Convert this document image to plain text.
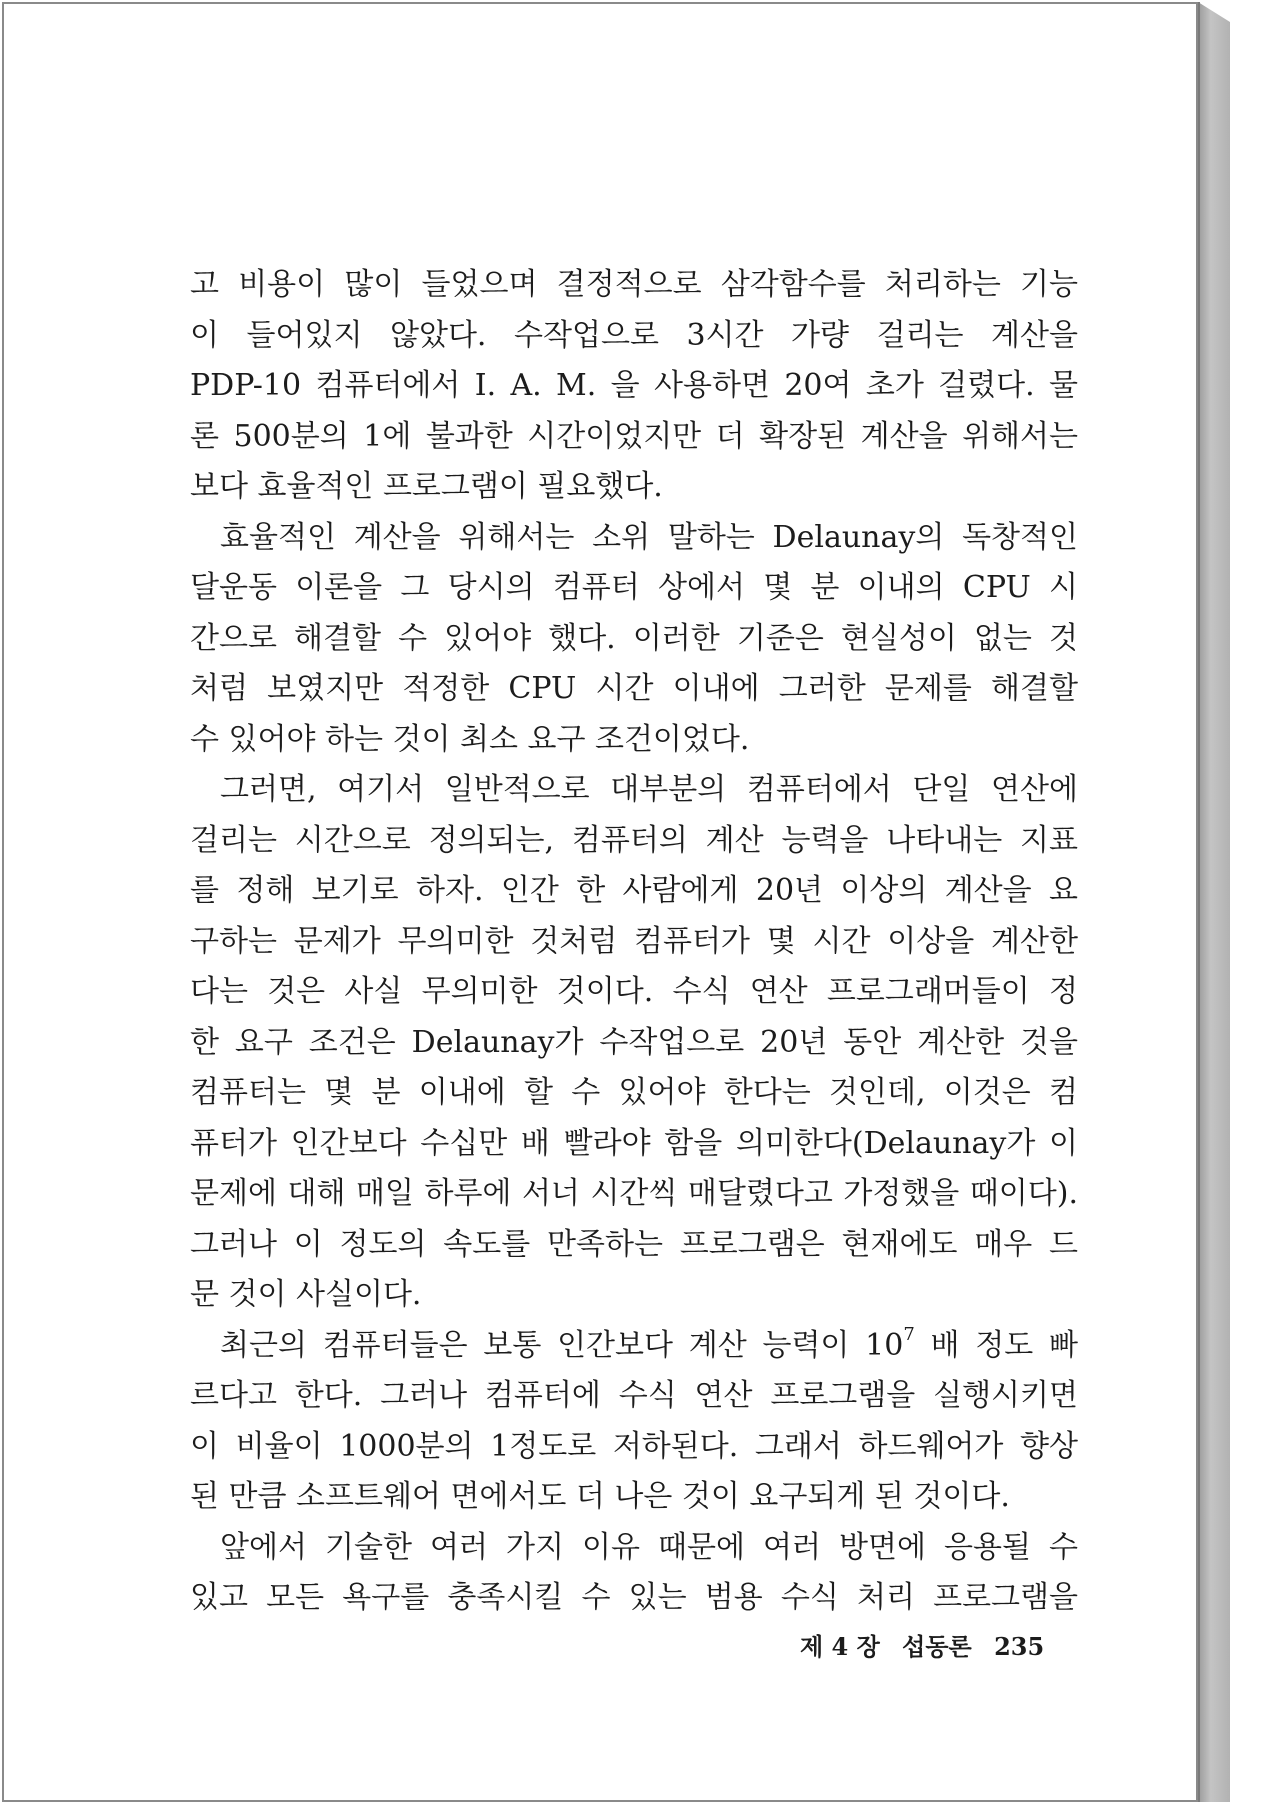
고 비용이 많이 들었으며 결정적으로 삼각함수를 처리하는 기능
이 들어있지 않았다. 수작업으로 3시간 가량 걸리는 계산을
PDP-10 컴퓨터에서 I. A. M. 을 사용하면 20여 초가 걸렸다. 물
론 500분의 1에 불과한 시간이었지만 더 확장된 계산을 위해서는
보다 효율적인 프로그램이 필요했다.
효율적인 계산을 위해서는 소위 말하는 Delaunay의 독창적인
달운동 이론을 그 당시의 컴퓨터 상에서 몇 분 이내의 CPU 시
간으로 해결할 수 있어야 했다. 이러한 기준은 현실성이 없는 것
처럼 보였지만 적정한 CPU 시간 이내에 그러한 문제를 해결할
수 있어야 하는 것이 최소 요구 조건이었다.
그러면, 여기서 일반적으로 대부분의 컴퓨터에서 단일 연산에
걸리는 시간으로 정의되는, 컴퓨터의 계산 능력을 나타내는 지표
를 정해 보기로 하자. 인간 한 사람에게 20년 이상의 계산을 요
구하는 문제가 무의미한 것처럼 컴퓨터가 몇 시간 이상을 계산한
다는 것은 사실 무의미한 것이다. 수식 연산 프로그래머들이 정
한 요구 조건은 Delaunay가 수작업으로 20년 동안 계산한 것을
컴퓨터는 몇 분 이내에 할 수 있어야 한다는 것인데, 이것은 컴
퓨터가 인간보다 수십만 배 빨라야 함을 의미한다(Delaunay가 이
문제에 대해 매일 하루에 서너 시간씩 매달렸다고 가정했을 때이다).
그러나 이 정도의 속도를 만족하는 프로그램은 현재에도 매우 드
문 것이 사실이다.
최근의 컴퓨터들은 보통 인간보다 계산 능력이 $10^7$ 배 정도 빠
르다고 한다. 그러나 컴퓨터에 수식 연산 프로그램을 실행시키면
이 비율이 1000분의 1정도로 저하된다. 그래서 하드웨어가 향상
된 만큼 소프트웨어 면에서도 더 나은 것이 요구되게 된 것이다.
앞에서 기술한 여러 가지 이유 때문에 여러 방면에 응용될 수
있고 모든 욕구를 충족시킬 수 있는 범용 수식 처리 프로그램을
제 4 장 섭동론 235
